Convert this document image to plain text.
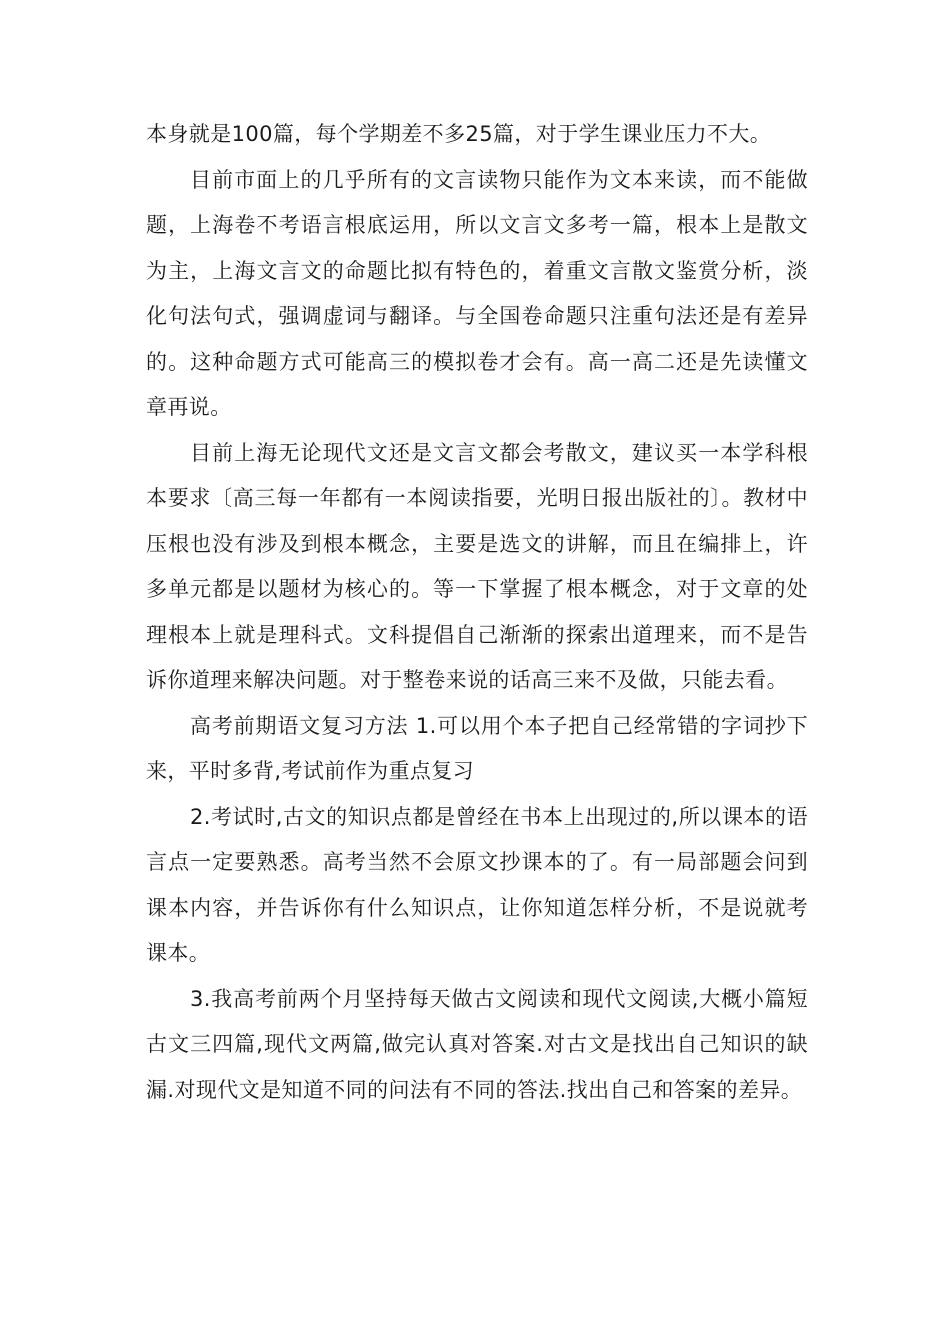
本身就是100篇，每个学期差不多25篇，对于学生课业压力不大。

目前市面上的几乎所有的文言读物只能作为文本来读，而不能做题，上海卷不考语言根底运用，所以文言文多考一篇，根本上是散文为主，上海文言文的命题比拟有特色的，着重文言散文鉴赏分析，淡化句法句式，强调虚词与翻译。与全国卷命题只注重句法还是有差异的。这种命题方式可能高三的模拟卷才会有。高一高二还是先读懂文章再说。

目前上海无论现代文还是文言文都会考散文，建议买一本学科根本要求〔高三每一年都有一本阅读指要，光明日报出版社的〕。教材中压根也没有涉及到根本概念，主要是选文的讲解，而且在编排上，许多单元都是以题材为核心的。等一下掌握了根本概念，对于文章的处理根本上就是理科式。文科提倡自己渐渐的探索出道理来，而不是告诉你道理来解决问题。对于整卷来说的话高三来不及做，只能去看。

高考前期语文复习方法 1.可以用个本子把自己经常错的字词抄下来，平时多背,考试前作为重点复习

2.考试时,古文的知识点都是曾经在书本上出现过的,所以课本的语言点一定要熟悉。高考当然不会原文抄课本的了。有一局部题会问到课本内容，并告诉你有什么知识点，让你知道怎样分析，不是说就考课本。

3.我高考前两个月坚持每天做古文阅读和现代文阅读,大概小篇短古文三四篇,现代文两篇,做完认真对答案.对古文是找出自己知识的缺漏.对现代文是知道不同的问法有不同的答法.找出自己和答案的差异。
